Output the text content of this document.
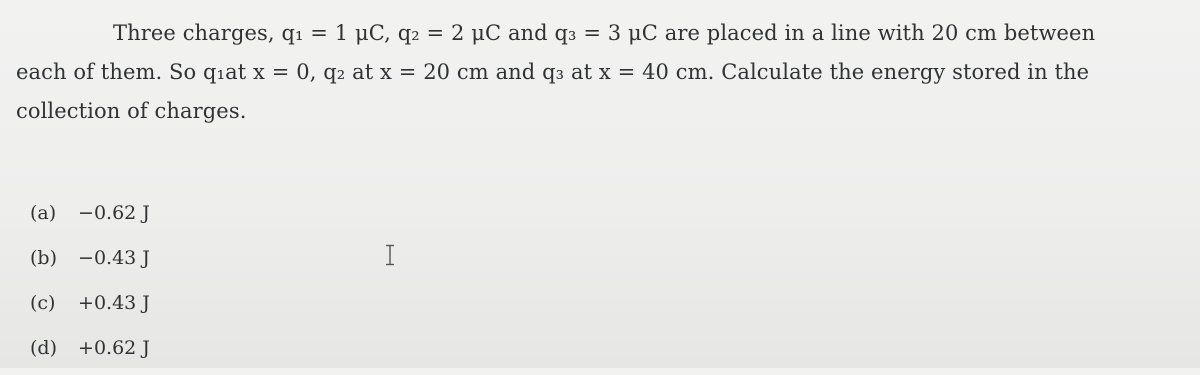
Three charges, q₁ = 1 μC, q₂ = 2 μC and q₃ = 3 μC are placed in a line with 20 cm between
each of them. So q₁at x = 0, q₂ at x = 20 cm and q₃ at x = 40 cm. Calculate the energy stored in the
collection of charges.
(a) −0.62 J
(b) −0.43 J
(c) +0.43 J
(d) +0.62 J
